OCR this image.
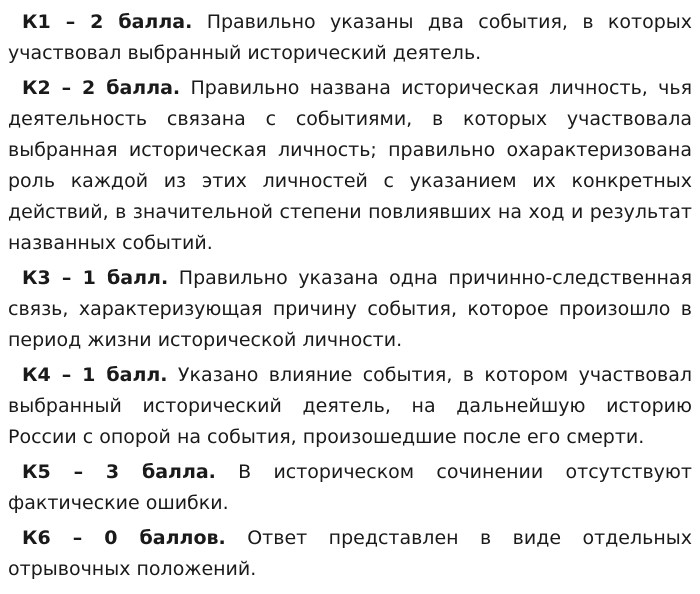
К1 – 2 балла. Правильно указаны два события, в которых участвовал выбранный исторический деятель.

К2 – 2 балла. Правильно названа историческая личность, чья деятельность связана с событиями, в которых участвовала выбранная историческая личность; правильно охарактеризована роль каждой из этих личностей с указанием их конкретных действий, в значительной степени повлиявших на ход и результат названных событий.

К3 – 1 балл. Правильно указана одна причинно-следственная связь, характеризующая причину события, которое произошло в период жизни исторической личности.

К4 – 1 балл. Указано влияние события, в котором участвовал выбранный исторический деятель, на дальнейшую историю России с опорой на события, произошедшие после его смерти.

К5 – 3 балла. В историческом сочинении отсутствуют фактические ошибки.

К6 – 0 баллов. Ответ представлен в виде отдельных отрывочных положений.
